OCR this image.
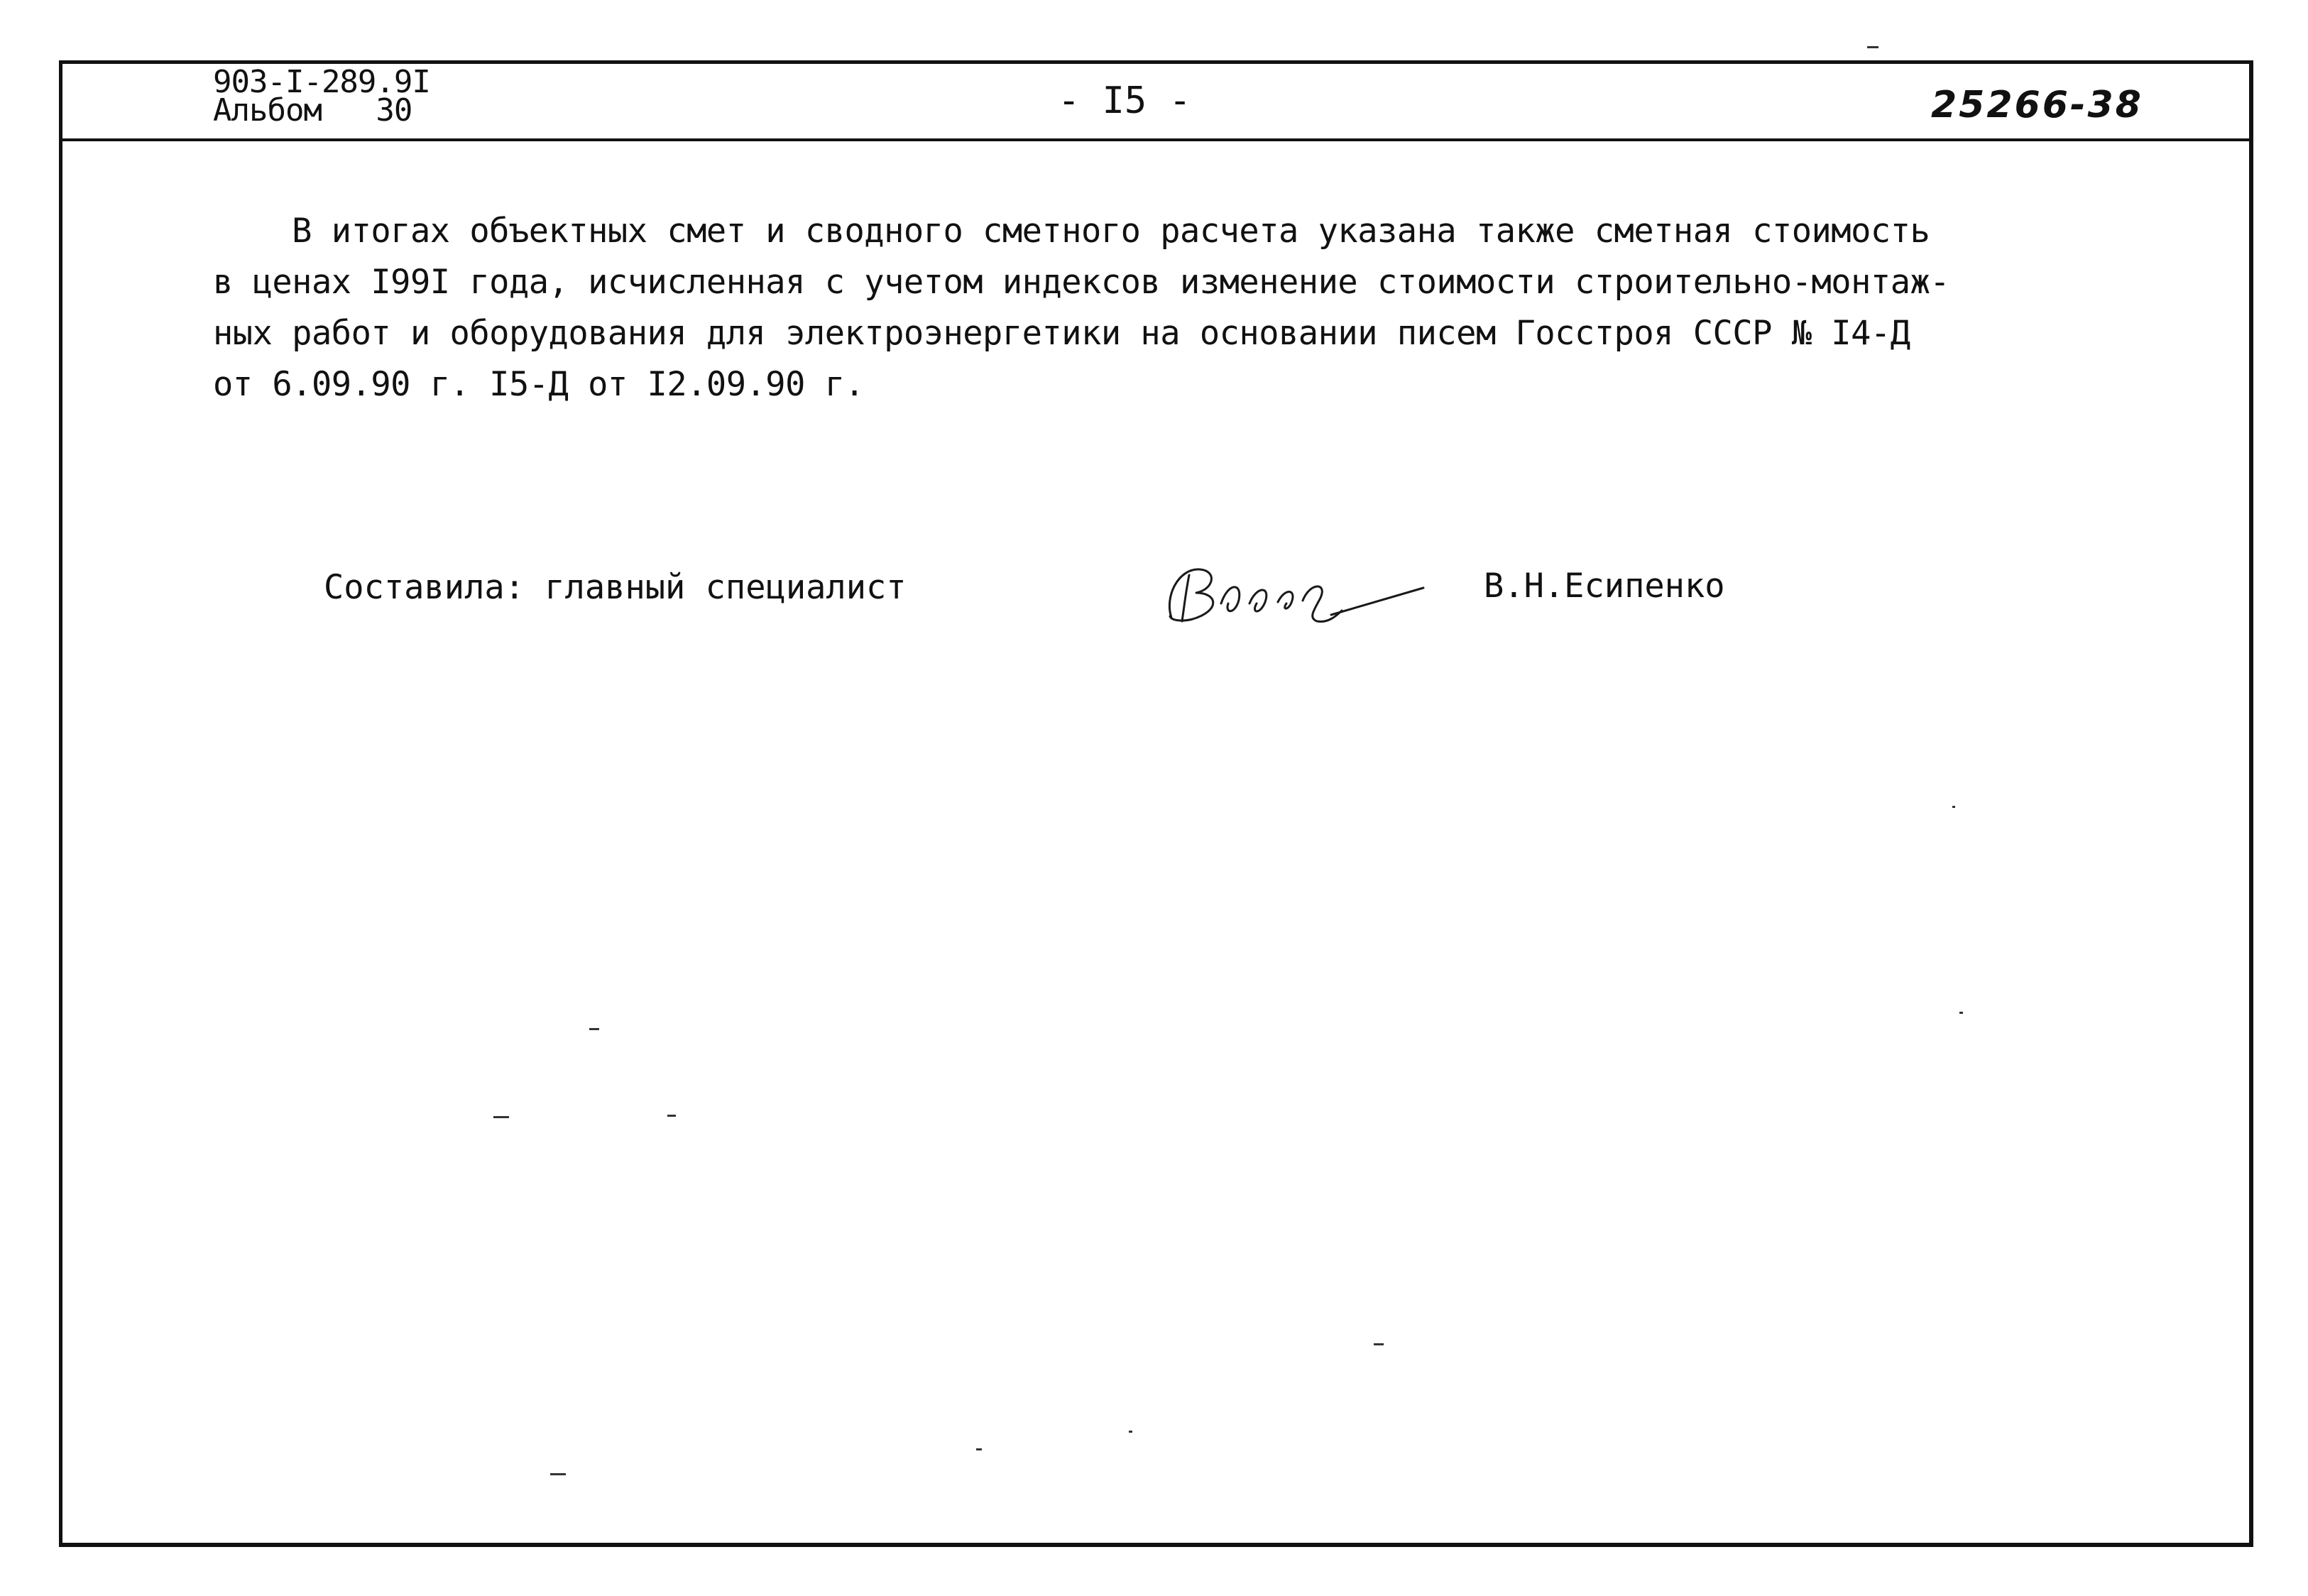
903-I-289.9I
Альбом   30	- I5 -	25266-38
В итогах объектных смет и сводного сметного расчета указана также сметная стоимость
в ценах I99I года, исчисленная с учетом индексов изменение стоимости строительно-монтаж-
ных работ и оборудования для электроэнергетики на основании писем Госстроя СССР № I4-Д
от 6.09.90 г. I5-Д от I2.09.90 г.
Составила: главный специалист	В.Н.Есипенко
